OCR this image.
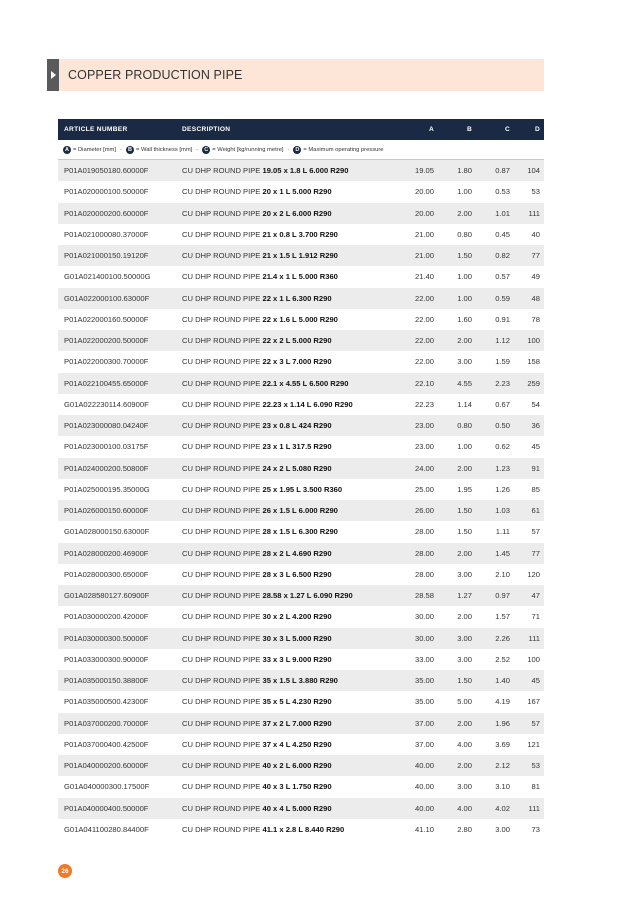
COPPER PRODUCTION PIPE
ARTICLE NUMBER	DESCRIPTION	A	B	C	D
A = Diameter [mm] -	B = Wall thickness [mm] -	C = Weight [kg/running metre] -	D = Maximum operating pressure
P01A019050180.60000F	CU DHP ROUND PIPE 19.05 x 1.8 L 6.000 R290	19.05	1.80	0.87	104
P01A020000100.50000F	CU DHP ROUND PIPE 20 x 1 L 5.000 R290	20.00	1.00	0.53	53
P01A020000200.60000F	CU DHP ROUND PIPE 20 x 2 L 6.000 R290	20.00	2.00	1.01	111
P01A021000080.37000F	CU DHP ROUND PIPE 21 x 0.8 L 3.700 R290	21.00	0.80	0.45	40
P01A021000150.19120F	CU DHP ROUND PIPE 21 x 1.5 L 1.912 R290	21.00	1.50	0.82	77
G01A021400100.50000G	CU DHP ROUND PIPE 21.4 x 1 L 5.000 R360	21.40	1.00	0.57	49
G01A022000100.63000F	CU DHP ROUND PIPE 22 x 1 L 6.300 R290	22.00	1.00	0.59	48
P01A022000160.50000F	CU DHP ROUND PIPE 22 x 1.6 L 5.000 R290	22.00	1.60	0.91	78
P01A022000200.50000F	CU DHP ROUND PIPE 22 x 2 L 5.000 R290	22.00	2.00	1.12	100
P01A022000300.70000F	CU DHP ROUND PIPE 22 x 3 L 7.000 R290	22.00	3.00	1.59	158
P01A022100455.65000F	CU DHP ROUND PIPE 22.1 x 4.55 L 6.500 R290	22.10	4.55	2.23	259
G01A022230114.60900F	CU DHP ROUND PIPE 22.23 x 1.14 L 6.090 R290	22.23	1.14	0.67	54
P01A023000080.04240F	CU DHP ROUND PIPE 23 x 0.8 L 424 R290	23.00	0.80	0.50	36
P01A023000100.03175F	CU DHP ROUND PIPE 23 x 1 L 317.5 R290	23.00	1.00	0.62	45
P01A024000200.50800F	CU DHP ROUND PIPE 24 x 2 L 5.080 R290	24.00	2.00	1.23	91
P01A025000195.35000G	CU DHP ROUND PIPE 25 x 1.95 L 3.500 R360	25.00	1.95	1.26	85
P01A026000150.60000F	CU DHP ROUND PIPE 26 x 1.5 L 6.000 R290	26.00	1.50	1.03	61
G01A028000150.63000F	CU DHP ROUND PIPE 28 x 1.5 L 6.300 R290	28.00	1.50	1.11	57
P01A028000200.46900F	CU DHP ROUND PIPE 28 x 2 L 4.690 R290	28.00	2.00	1.45	77
P01A028000300.65000F	CU DHP ROUND PIPE 28 x 3 L 6.500 R290	28.00	3.00	2.10	120
G01A028580127.60900F	CU DHP ROUND PIPE 28.58 x 1.27 L 6.090 R290	28.58	1.27	0.97	47
P01A030000200.42000F	CU DHP ROUND PIPE 30 x 2 L 4.200 R290	30.00	2.00	1.57	71
P01A030000300.50000F	CU DHP ROUND PIPE 30 x 3 L 5.000 R290	30.00	3.00	2.26	111
P01A033000300.90000F	CU DHP ROUND PIPE 33 x 3 L 9.000 R290	33.00	3.00	2.52	100
P01A035000150.38800F	CU DHP ROUND PIPE 35 x 1.5 L 3.880 R290	35.00	1.50	1.40	45
P01A035000500.42300F	CU DHP ROUND PIPE 35 x 5 L 4.230 R290	35.00	5.00	4.19	167
P01A037000200.70000F	CU DHP ROUND PIPE 37 x 2 L 7.000 R290	37.00	2.00	1.96	57
P01A037000400.42500F	CU DHP ROUND PIPE 37 x 4 L 4.250 R290	37.00	4.00	3.69	121
P01A040000200.60000F	CU DHP ROUND PIPE 40 x 2 L 6.000 R290	40.00	2.00	2.12	53
G01A040000300.17500F	CU DHP ROUND PIPE 40 x 3 L 1.750 R290	40.00	3.00	3.10	81
P01A040000400.50000F	CU DHP ROUND PIPE 40 x 4 L 5.000 R290	40.00	4.00	4.02	111
G01A041100280.84400F	CU DHP ROUND PIPE 41.1 x 2.8 L 8.440 R290	41.10	2.80	3.00	73
26
